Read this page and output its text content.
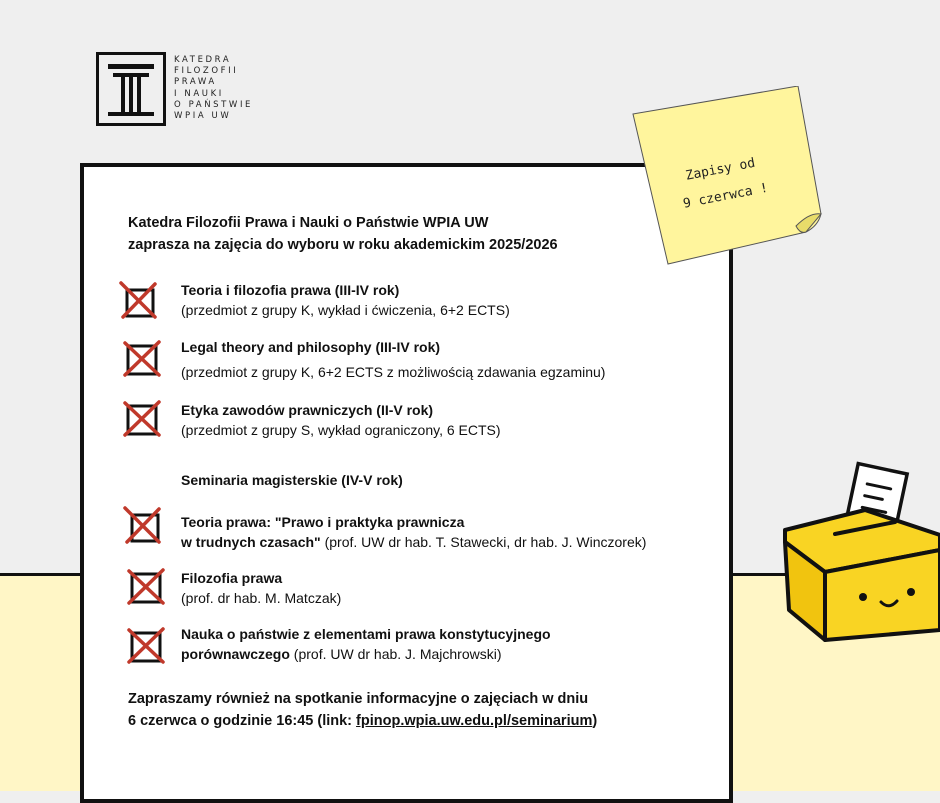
KATEDRA
FILOZOFII
PRAWA
I NAUKI
O PAŃSTWIE
WPIA UW
Zapisy od
9 czerwca !
Katedra Filozofii Prawa i Nauki o Państwie WPIA UW
zaprasza na zajęcia do wyboru w roku akademickim 2025/2026
Teoria i filozofia prawa (III-IV rok)
(przedmiot z grupy K, wykład i ćwiczenia, 6+2 ECTS)
Legal theory and philosophy (III-IV rok)
(przedmiot z grupy K, 6+2 ECTS z możliwością zdawania egzaminu)
Etyka zawodów prawniczych (II-V rok)
(przedmiot z grupy S, wykład ograniczony, 6 ECTS)
Seminaria magisterskie (IV-V rok)
Teoria prawa: "Prawo i praktyka prawnicza
w trudnych czasach" (prof. UW dr hab. T. Stawecki, dr hab. J. Winczorek)
Filozofia prawa
(prof. dr hab. M. Matczak)
Nauka o państwie z elementami prawa konstytucyjnego
porównawczego (prof. UW dr hab. J. Majchrowski)
Zapraszamy również na spotkanie informacyjne o zajęciach w dniu
6 czerwca o godzinie 16:45 (link: fpinop.wpia.uw.edu.pl/seminarium)
